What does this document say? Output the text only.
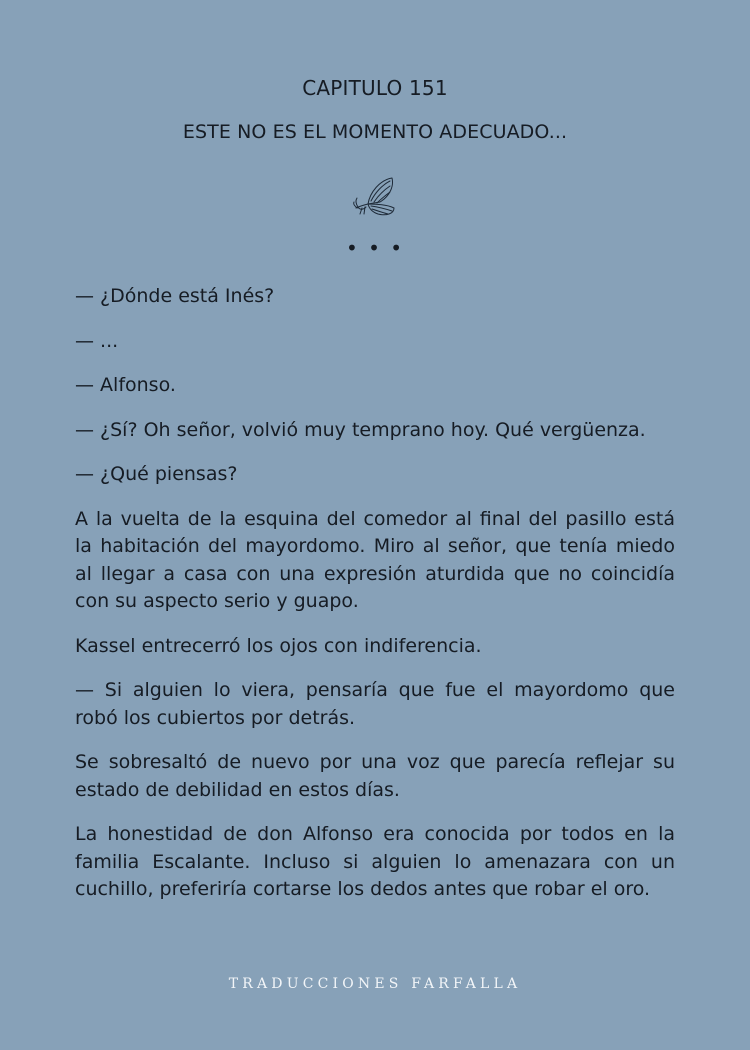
CAPITULO 151
ESTE NO ES EL MOMENTO ADECUADO...
• • •

— ¿Dónde está Inés?

— ...

— Alfonso.

— ¿Sí? Oh señor, volvió muy temprano hoy. Qué vergüenza.

— ¿Qué piensas?

A la vuelta de la esquina del comedor al final del pasillo está la habitación del mayordomo. Miro al señor, que tenía miedo al llegar a casa con una expresión aturdida que no coincidía con su aspecto serio y guapo.

Kassel entrecerró los ojos con indiferencia.

— Si alguien lo viera, pensaría que fue el mayordomo que robó los cubiertos por detrás.

Se sobresaltó de nuevo por una voz que parecía reflejar su estado de debilidad en estos días.

La honestidad de don Alfonso era conocida por todos en la familia Escalante. Incluso si alguien lo amenazara con un cuchillo, preferiría cortarse los dedos antes que robar el oro.

TRADUCCIONES FARFALLA
